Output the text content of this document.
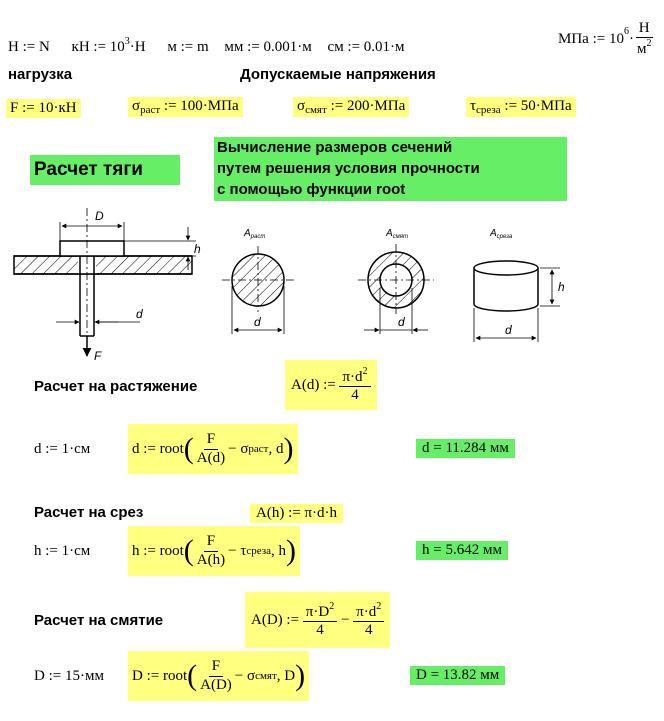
Н := N кН := $10^3\cdot Н$ м := m мм := 0.001·м см := 0.01·м
МПа := $10^6\cdot \frac{Н}{м^2}$
нагрузка	Допускаемые напряжения
F := 10·кН	$\sigma_{раст}$ := 100·МПа	$\sigma_{смят}$ := 200·МПа	$\tau_{среза}$ := 50·МПа
Расчет тяги
Вычисление размеров сечений
путем решения условия прочности
с помощью функции root
D
h
d
F
$A_{раст}$
d
$A_{смят}$
d
$A_{среза}$
h
d
Расчет на растяжение	A(d) :=
$\frac{\pi\cdot d^2}{4}$
d := 1·см	d := root ( $\frac{F}{A(d)} - \sigma$ раст , d )	d = 11.284 мм
Расчет на срез	A(h) := π·d·h
h := 1·см	h := root ( $\frac{F}{A(h)} - \tau$ среза , h )	h = 5.642 мм
Расчет на смятие	A(D) :=
$\frac{\pi\cdot D^2}{4}$
−
$\frac{\pi\cdot d^2}{4}$
D := 15·мм D := root ( $\frac{F}{A(D)} - \sigma$ смят , D )	D = 13.82 мм
